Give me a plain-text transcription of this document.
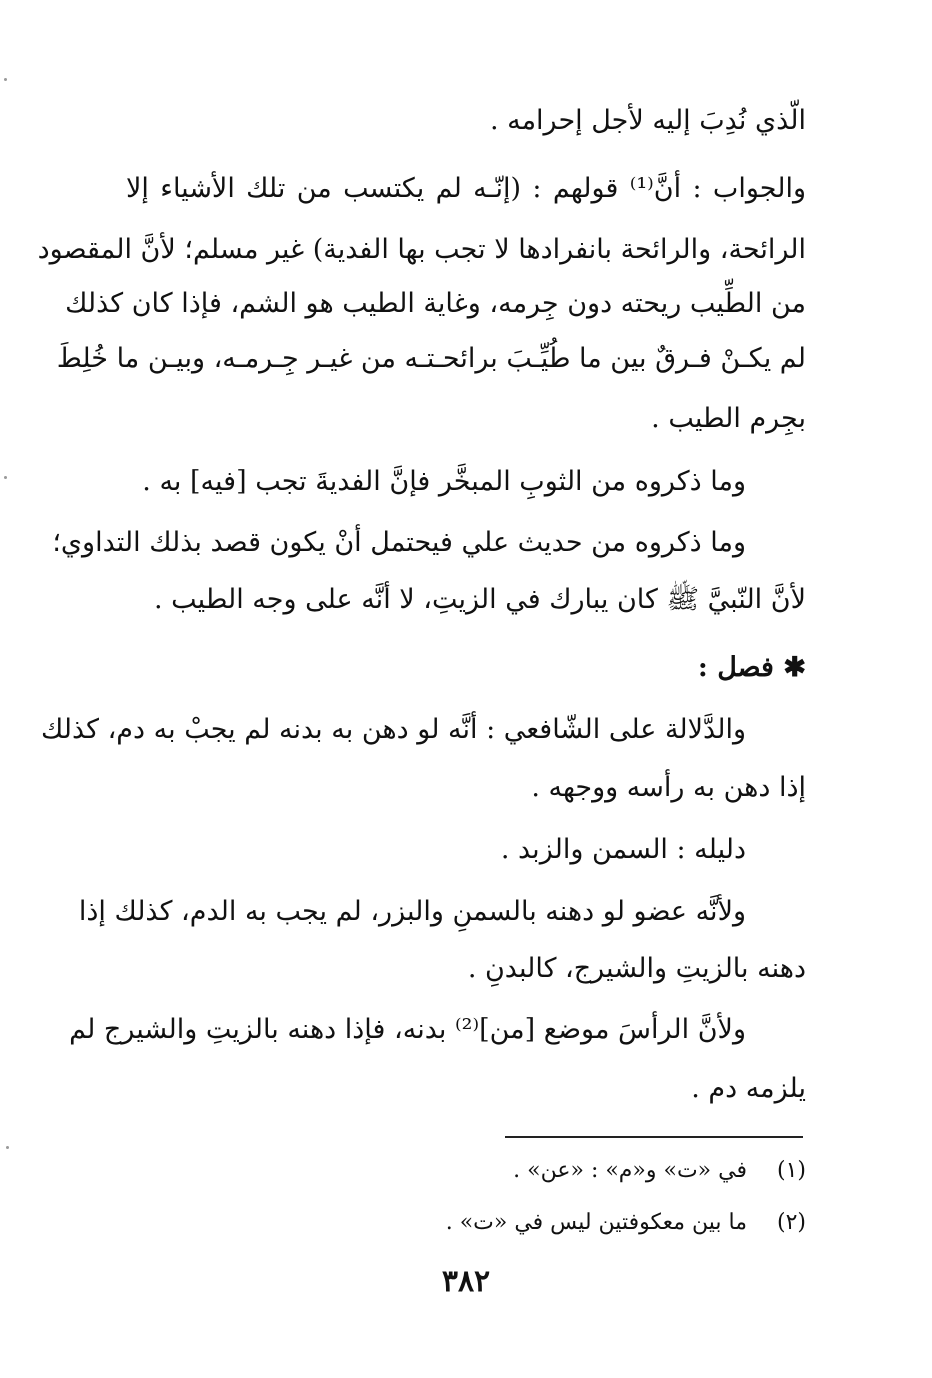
الّذي نُدِبَ إليه لأجل إحرامه .
والجواب : أنَّ⁽¹⁾ قولهم : (إنّـه لم يكتسب من تلك الأشياء إلا
الرائحة، والرائحة بانفرادها لا تجب بها الفدية) غير مسلم؛ لأنَّ المقصود
من الطِّيب ريحته دون جِرمه، وغاية الطيب هو الشم، فإذا كان كذلك
لم يكـنْ فـرقٌ بين ما طُيِّـبَ برائحـتـه من غيـر جِـرمـه، وبيـن ما خُلِطَ
بجِرم الطيب .
وما ذكروه من الثوبِ المبخَّر فإنَّ الفديةَ تجب [فيه] به .
وما ذكروه من حديث علي فيحتمل أنْ يكون قصد بذلك التداوي؛
لأنَّ النّبيَّ ﷺ كان يبارك في الزيتِ، لا أنَّه على وجه الطيب .
✱ فصل :
والدَّلالة على الشّافعي : أنَّه لو دهن به بدنه لم يجبْ به دم، كذلك
إذا دهن به رأسه ووجهه .
دليله : السمن والزبد .
ولأنَّه عضو لو دهنه بالسمنِ والبزر، لم يجب به الدم، كذلك إذا
دهنه بالزيتِ والشيرج، كالبدنِ .
ولأنَّ الرأسَ موضع [من]⁽²⁾ بدنه، فإذا دهنه بالزيتِ والشيرج لم
يلزمه دم .
(١) في «ت» و«م» : «عن» .
(٢) ما بين معكوفتين ليس في «ت» .
٣٨٢
